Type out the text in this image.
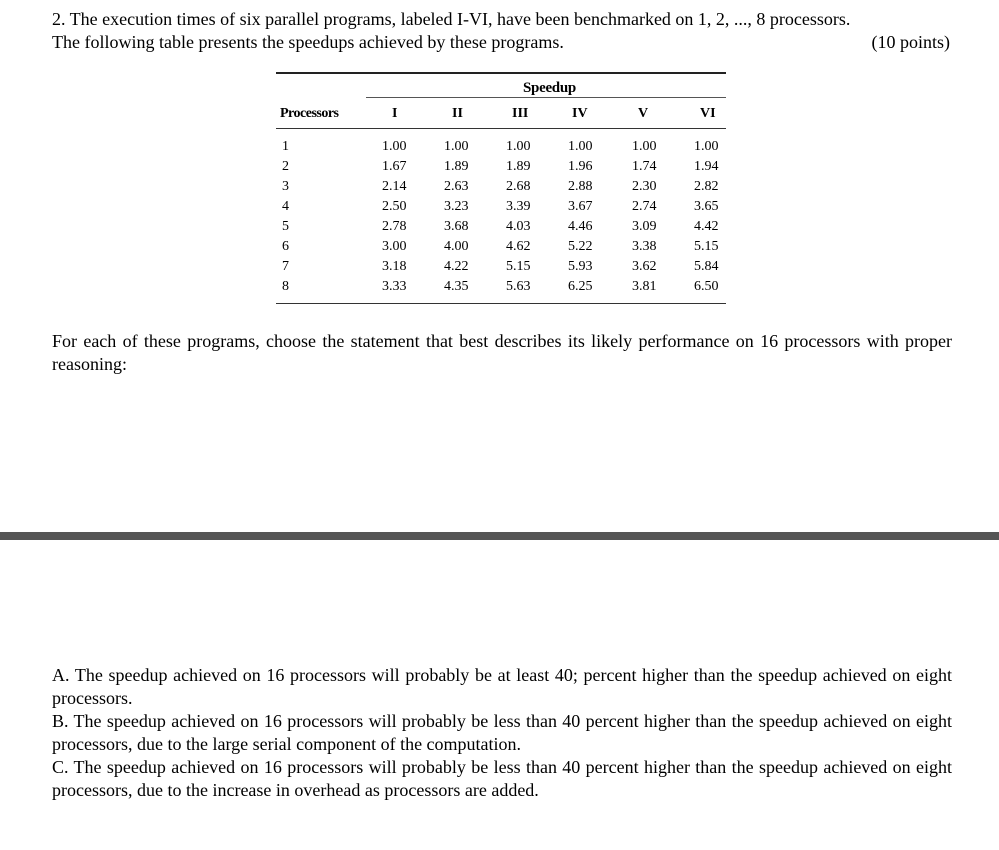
2. The execution times of six parallel programs, labeled I-VI, have been benchmarked on 1, 2, ..., 8 processors.
The following table presents the speedups achieved by these programs.	(10 points)
Speedup
Processors	I	II	III	IV	V	VI
1	1.00	1.00	1.00	1.00	1.00	1.00
2	1.67	1.89	1.89	1.96	1.74	1.94
3	2.14	2.63	2.68	2.88	2.30	2.82
4	2.50	3.23	3.39	3.67	2.74	3.65
5	2.78	3.68	4.03	4.46	3.09	4.42
6	3.00	4.00	4.62	5.22	3.38	5.15
7	3.18	4.22	5.15	5.93	3.62	5.84
8	3.33	4.35	5.63	6.25	3.81	6.50
For each of these programs, choose the statement that best describes its likely performance on 16 processors with proper reasoning:

A. The speedup achieved on 16 processors will probably be at least 40; percent higher than the speedup achieved on eight processors.

B. The speedup achieved on 16 processors will probably be less than 40 percent higher than the speedup achieved on eight processors, due to the large serial component of the computation.

C. The speedup achieved on 16 processors will probably be less than 40 percent higher than the speedup achieved on eight processors, due to the increase in overhead as processors are added.
